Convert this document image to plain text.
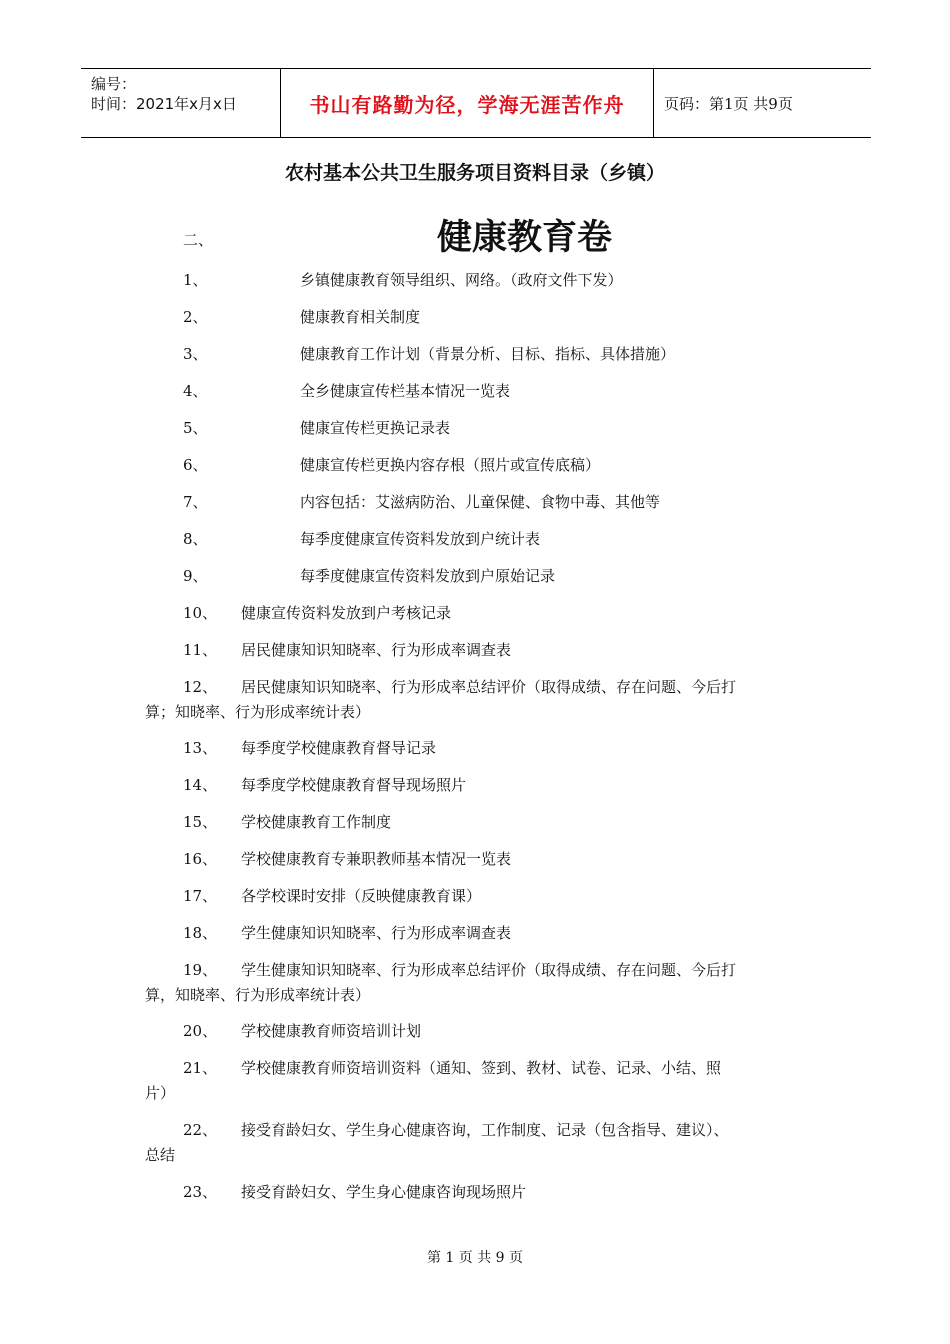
编号：
时间：2021年x月x日	书山有路勤为径，学海无涯苦作舟	页码：第1页 共9页
农村基本公共卫生服务项目资料目录（乡镇）
二、	健康教育卷
1、	乡镇健康教育领导组织、网络。（政府文件下发）
2、	健康教育相关制度
3、	健康教育工作计划（背景分析、目标、指标、具体措施）
4、	全乡健康宣传栏基本情况一览表
5、	健康宣传栏更换记录表
6、	健康宣传栏更换内容存根（照片或宣传底稿）
7、	内容包括：艾滋病防治、儿童保健、食物中毒、其他等
8、	每季度健康宣传资料发放到户统计表
9、	每季度健康宣传资料发放到户原始记录
10、 健康宣传资料发放到户考核记录
11、 居民健康知识知晓率、行为形成率调查表
12、 居民健康知识知晓率、行为形成率总结评价（取得成绩、存在问题、今后打
算；知晓率、行为形成率统计表）
13、 每季度学校健康教育督导记录
14、 每季度学校健康教育督导现场照片
15、 学校健康教育工作制度
16、 学校健康教育专兼职教师基本情况一览表
17、 各学校课时安排（反映健康教育课）
18、 学生健康知识知晓率、行为形成率调查表
19、 学生健康知识知晓率、行为形成率总结评价（取得成绩、存在问题、今后打
算，知晓率、行为形成率统计表）
20、 学校健康教育师资培训计划
21、 学校健康教育师资培训资料（通知、签到、教材、试卷、记录、小结、照
片）
22、 接受育龄妇女、学生身心健康咨询，工作制度、记录（包含指导、建议）、
总结
23、 接受育龄妇女、学生身心健康咨询现场照片
第 1 页 共 9 页
